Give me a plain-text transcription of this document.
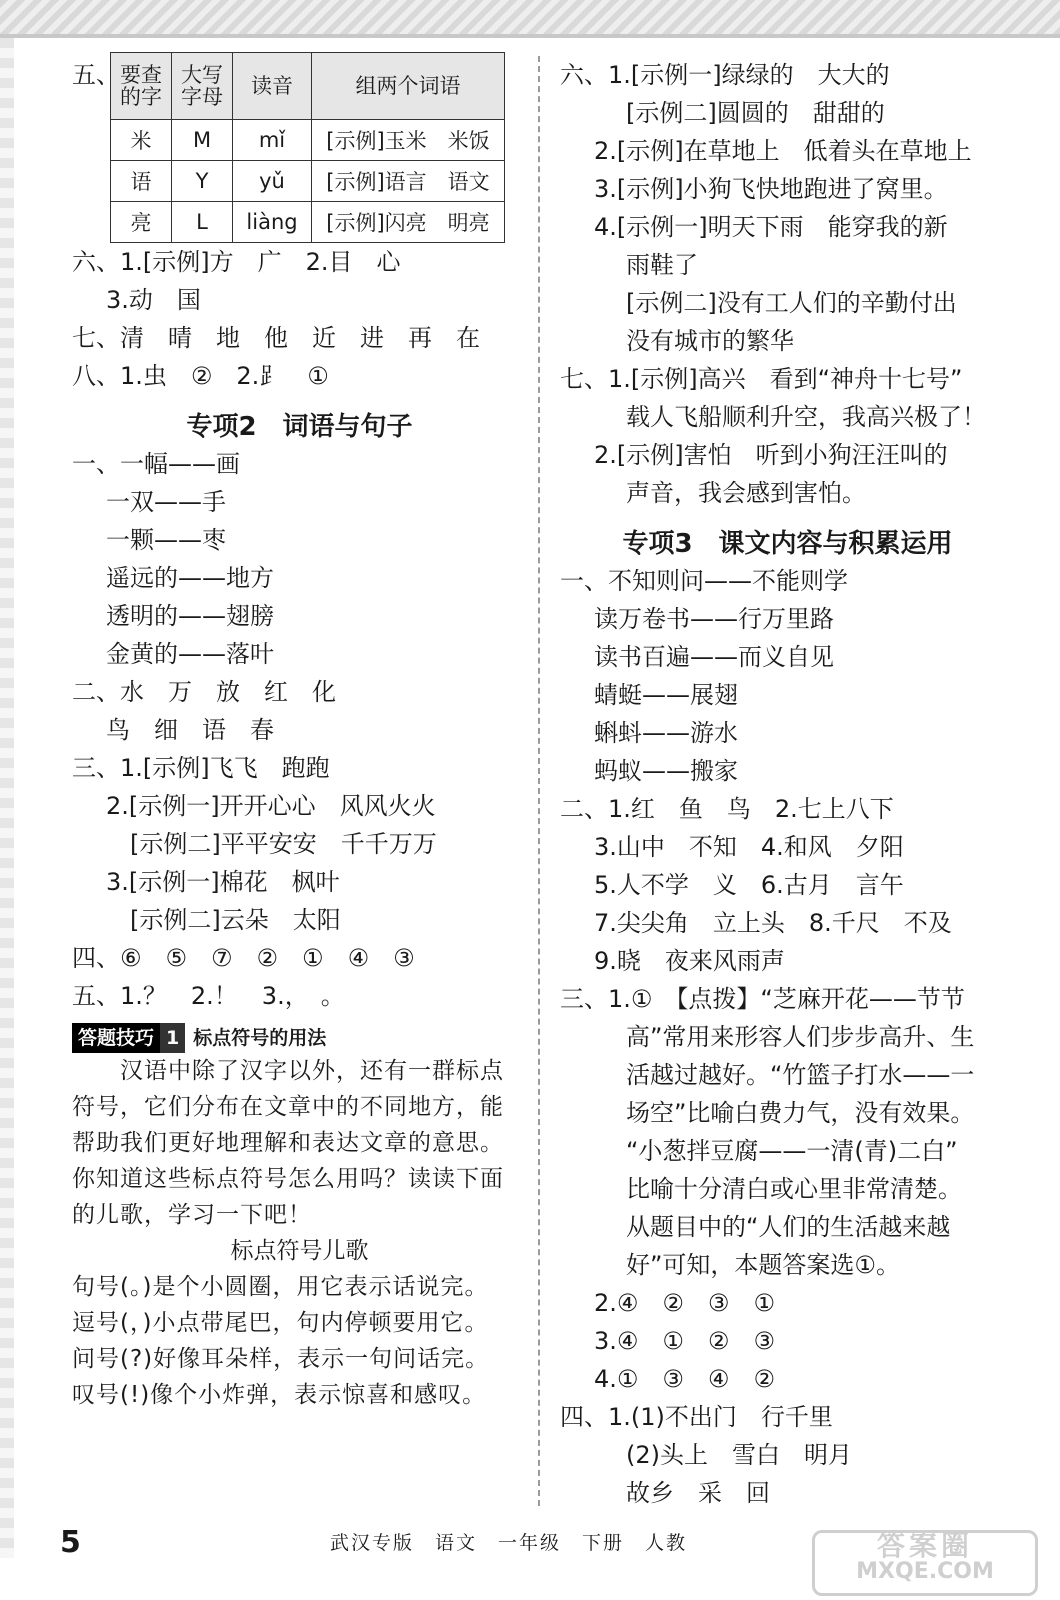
五、 要查的字	大写字母	读音	组两个词语
米	M	mǐ	[示例]玉米　米饭
语	Y	yǔ	[示例]语言　语文
亮	L	liàng	[示例]闪亮　明亮
六、1.[示例]方　广　2.目　心
3.动　国
七、清　晴　地　他　近　进　再　在
八、1.虫　②　2.⻊　①
专项2　词语与句子
一、一幅——画
一双——手
一颗——枣
遥远的——地方
透明的——翅膀
金黄的——落叶
二、水　万　放　红　化
鸟　细　语　春
三、1.[示例]飞飞　跑跑
2.[示例一]开开心心　风风火火
[示例二]平平安安　千千万万
3.[示例一]棉花　枫叶
[示例二]云朵　太阳
四、⑥　⑤　⑦　②　①　④　③
五、1.？　2.！　3.，　。
答题技巧 1 标点符号的用法

　　汉语中除了汉字以外，还有一群标点符号，它们分布在文章中的不同地方，能帮助我们更好地理解和表达文章的意思。你知道这些标点符号怎么用吗？读读下面的儿歌，学习一下吧！

标点符号儿歌
句号(。)是个小圆圈，用它表示话说完。
逗号(，)小点带尾巴，句内停顿要用它。
问号(?)好像耳朵样，表示一句问话完。
叹号(!)像个小炸弹，表示惊喜和感叹。
六、1.[示例一]绿绿的　大大的
[示例二]圆圆的　甜甜的
2.[示例]在草地上　低着头在草地上
3.[示例]小狗飞快地跑进了窝里。
4.[示例一]明天下雨　能穿我的新
雨鞋了
[示例二]没有工人们的辛勤付出
没有城市的繁华
七、1.[示例]高兴　看到“神舟十七号”
载人飞船顺利升空，我高兴极了！
2.[示例]害怕　听到小狗汪汪叫的
声音，我会感到害怕。
专项3　课文内容与积累运用
一、不知则问——不能则学
读万卷书——行万里路
读书百遍——而义自见
蜻蜓——展翅
蝌蚪——游水
蚂蚁——搬家
二、1.红　鱼　鸟　2.七上八下
3.山中　不知　4.和风　夕阳
5.人不学　义　6.古月　言午
7.尖尖角　立上头　8.千尺　不及
9.晓　夜来风雨声
三、1.①　【点拨】“芝麻开花——节节
高”常用来形容人们步步高升、生
活越过越好。“竹篮子打水——一
场空”比喻白费力气，没有效果。
“小葱拌豆腐——一清(青)二白”
比喻十分清白或心里非常清楚。
从题目中的“人们的生活越来越
好”可知，本题答案选①。
2.④　②　③　①
3.④　①　②　③
4.①　③　④　②
四、1.(1)不出门　行千里
(2)头上　雪白　明月
故乡　采　回
5	武汉专版　语文　一年级　下册　人教	答案圈
MXQE.COM
